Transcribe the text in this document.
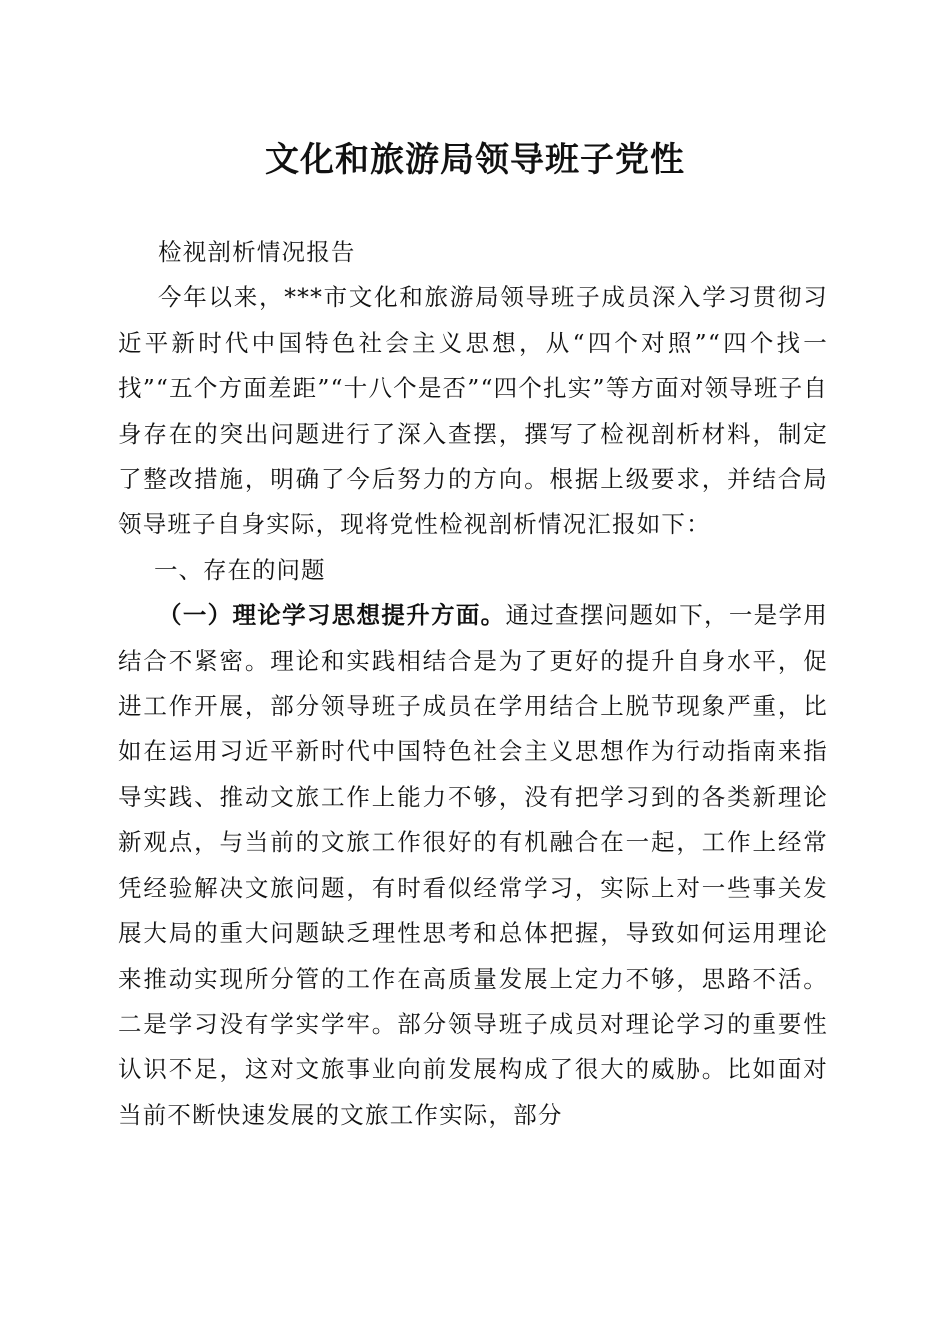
文化和旅游局领导班子党性

检视剖析情况报告

今年以来，***市文化和旅游局领导班子成员深入学习贯彻习近平新时代中国特色社会主义思想，从“四个对照”“四个找一找”“五个方面差距”“十八个是否”“四个扎实”等方面对领导班子自身存在的突出问题进行了深入查摆，撰写了检视剖析材料，制定了整改措施，明确了今后努力的方向。根据上级要求，并结合局领导班子自身实际，现将党性检视剖析情况汇报如下：

一、存在的问题

（一）理论学习思想提升方面。通过查摆问题如下，一是学用结合不紧密。理论和实践相结合是为了更好的提升自身水平，促进工作开展，部分领导班子成员在学用结合上脱节现象严重，比如在运用习近平新时代中国特色社会主义思想作为行动指南来指导实践、推动文旅工作上能力不够，没有把学习到的各类新理论新观点，与当前的文旅工作很好的有机融合在一起，工作上经常凭经验解决文旅问题，有时看似经常学习，实际上对一些事关发展大局的重大问题缺乏理性思考和总体把握，导致如何运用理论来推动实现所分管的工作在高质量发展上定力不够，思路不活。二是学习没有学实学牢。部分领导班子成员对理论学习的重要性认识不足，这对文旅事业向前发展构成了很大的威胁。比如面对当前不断快速发展的文旅工作实际，部分
